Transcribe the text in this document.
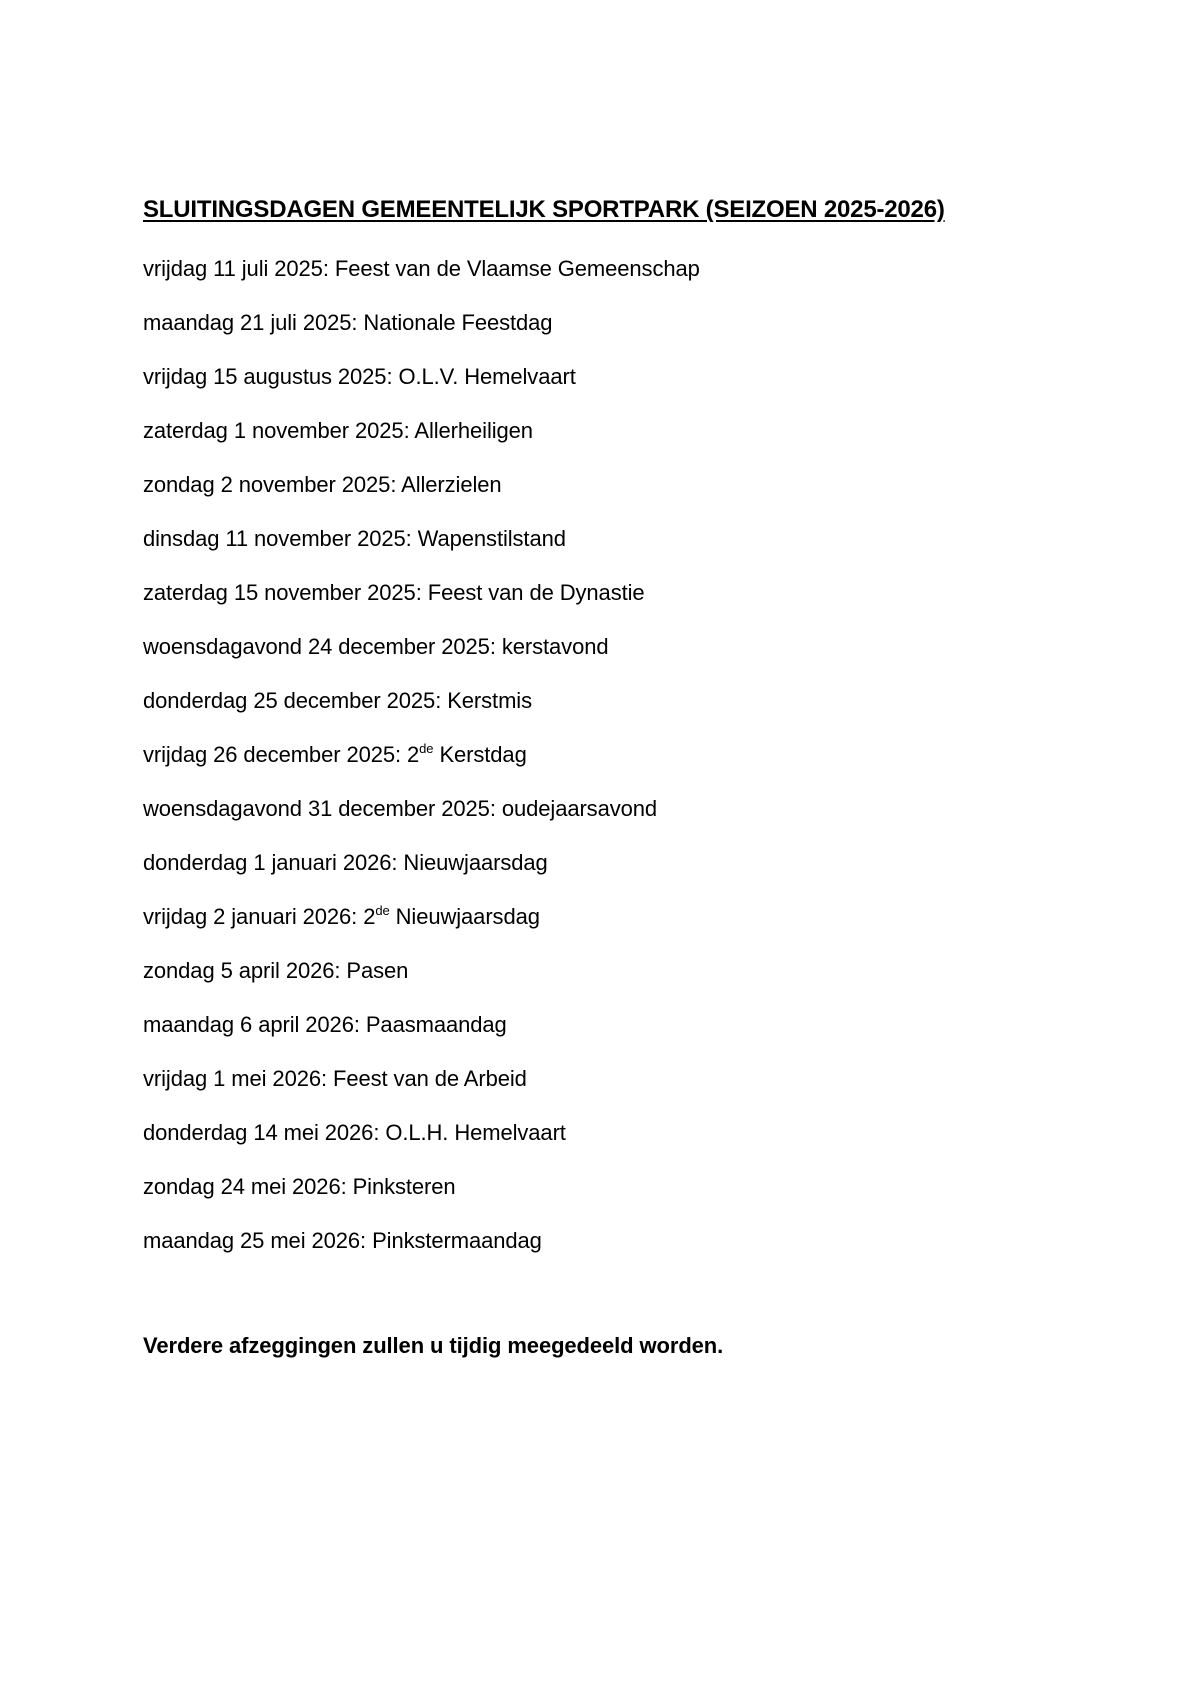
SLUITINGSDAGEN GEMEENTELIJK SPORTPARK (SEIZOEN 2025-2026)
vrijdag 11 juli 2025: Feest van de Vlaamse Gemeenschap
maandag 21 juli 2025: Nationale Feestdag
vrijdag 15 augustus 2025: O.L.V. Hemelvaart
zaterdag 1 november 2025: Allerheiligen
zondag 2 november 2025: Allerzielen
dinsdag 11 november 2025: Wapenstilstand
zaterdag 15 november 2025: Feest van de Dynastie
woensdagavond 24 december 2025: kerstavond
donderdag 25 december 2025: Kerstmis
vrijdag 26 december 2025: 2de Kerstdag
woensdagavond 31 december 2025: oudejaarsavond
donderdag 1 januari 2026: Nieuwjaarsdag
vrijdag 2 januari 2026: 2de Nieuwjaarsdag
zondag 5 april 2026: Pasen
maandag 6 april 2026: Paasmaandag
vrijdag 1 mei 2026: Feest van de Arbeid
donderdag 14 mei 2026: O.L.H. Hemelvaart
zondag 24 mei 2026: Pinksteren
maandag 25 mei 2026: Pinkstermaandag

Verdere afzeggingen zullen u tijdig meegedeeld worden.
